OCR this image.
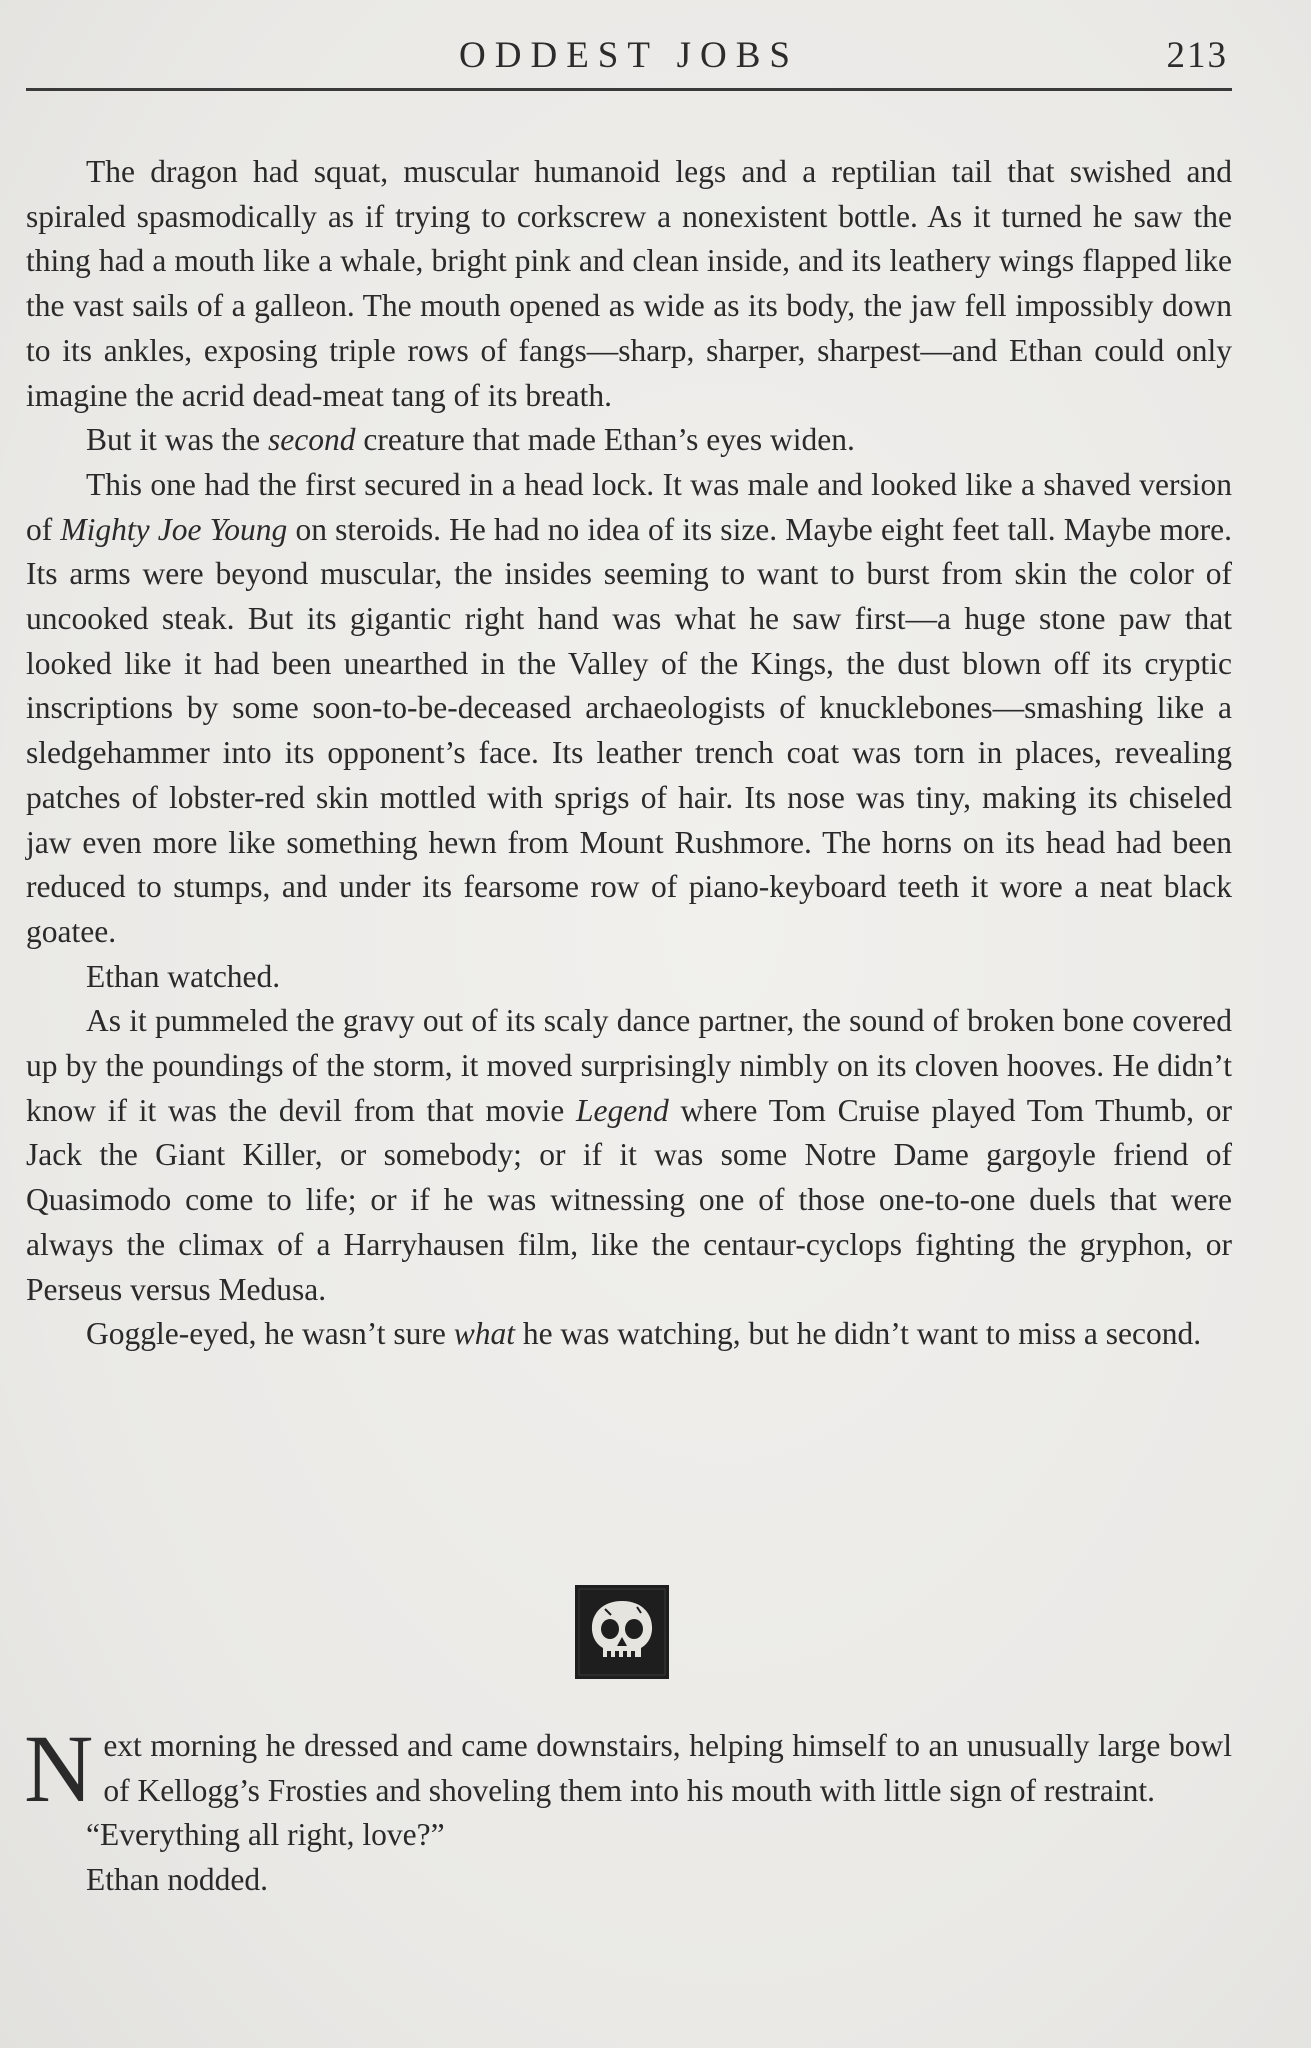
ODDEST JOBS	213

The dragon had squat, muscular humanoid legs and a reptilian tail that swished and spiraled spasmodically as if trying to corkscrew a nonexistent bottle. As it turned he saw the thing had a mouth like a whale, bright pink and clean inside, and its leathery wings flapped like the vast sails of a galleon. The mouth opened as wide as its body, the jaw fell impossibly down to its ankles, exposing triple rows of fangs—sharp, sharper, sharpest—and Ethan could only imagine the acrid dead-meat tang of its breath.

But it was the second creature that made Ethan’s eyes widen.

This one had the first secured in a head lock. It was male and looked like a shaved version of Mighty Joe Young on steroids. He had no idea of its size. Maybe eight feet tall. Maybe more. Its arms were beyond muscular, the insides seeming to want to burst from skin the color of uncooked steak. But its gigantic right hand was what he saw first—a huge stone paw that looked like it had been unearthed in the Valley of the Kings, the dust blown off its cryptic inscriptions by some soon-to-be-deceased archaeologists of knucklebones—smashing like a sledgehammer into its opponent’s face. Its leather trench coat was torn in places, revealing patches of lobster-red skin mottled with sprigs of hair. Its nose was tiny, making its chiseled jaw even more like something hewn from Mount Rushmore. The horns on its head had been reduced to stumps, and under its fearsome row of piano-keyboard teeth it wore a neat black goatee.

Ethan watched.

As it pummeled the gravy out of its scaly dance partner, the sound of broken bone covered up by the poundings of the storm, it moved surprisingly nimbly on its cloven hooves. He didn’t know if it was the devil from that movie Legend where Tom Cruise played Tom Thumb, or Jack the Giant Killer, or somebody; or if it was some Notre Dame gargoyle friend of Quasimodo come to life; or if he was witnessing one of those one-to-one duels that were always the climax of a Harryhausen film, like the centaur-cyclops fighting the gryphon, or Perseus versus Medusa.

Goggle-eyed, he wasn’t sure what he was watching, but he didn’t want to miss a second.

Next morning he dressed and came downstairs, helping himself to an unusually large bowl of Kellogg’s Frosties and shoveling them into his mouth with little sign of restraint.

“Everything all right, love?”

Ethan nodded.
